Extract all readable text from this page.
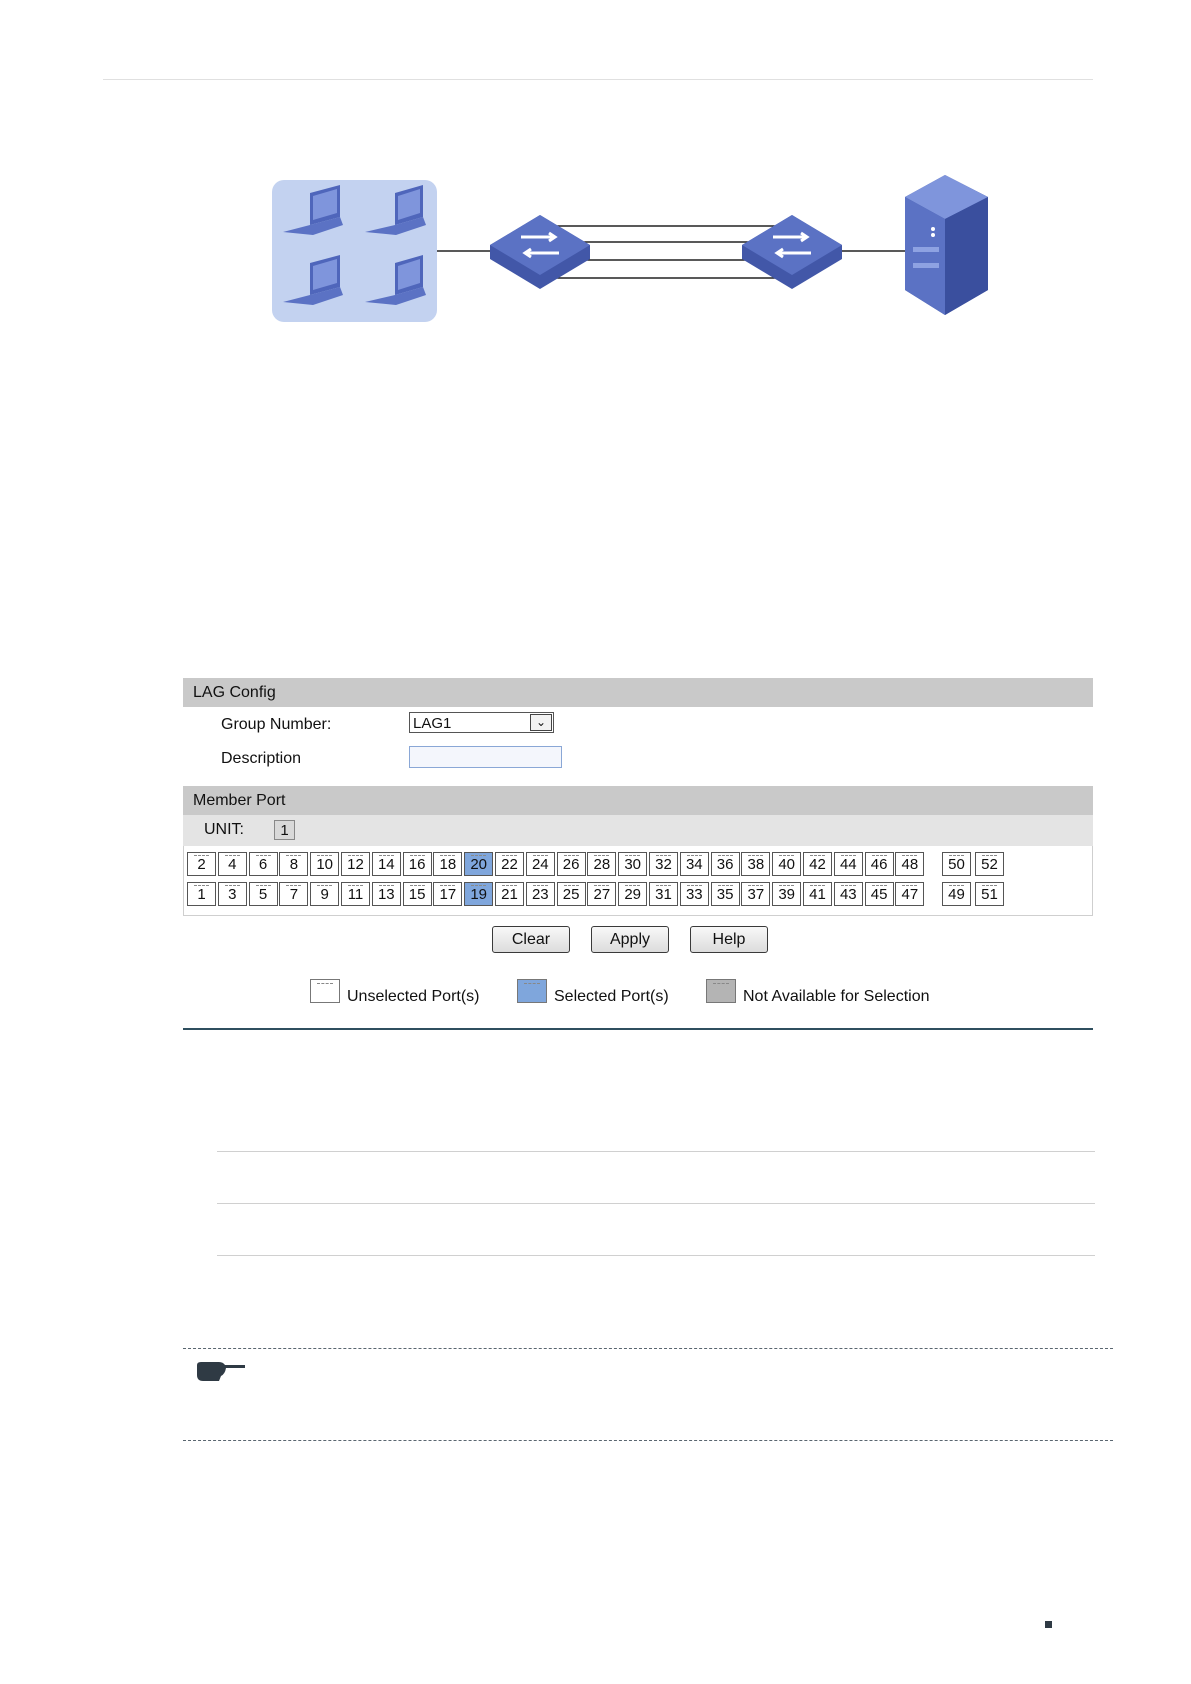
LAG Config
Group Number:	LAG1	⌄
Description
Member Port
UNIT:	1
2	4	6	8	10 12 14 16 18 20 22 24 26 28 30 32 34 36 38 40 42 44 46 48	50	52
1	3	5	7	9	11 13 15 17 19 21 23 25 27 29 31 33 35 37 39 41 43 45 47	49	51
Clear	Apply	Help
Unselected Port(s)	Selected Port(s)	Not Available for Selection
